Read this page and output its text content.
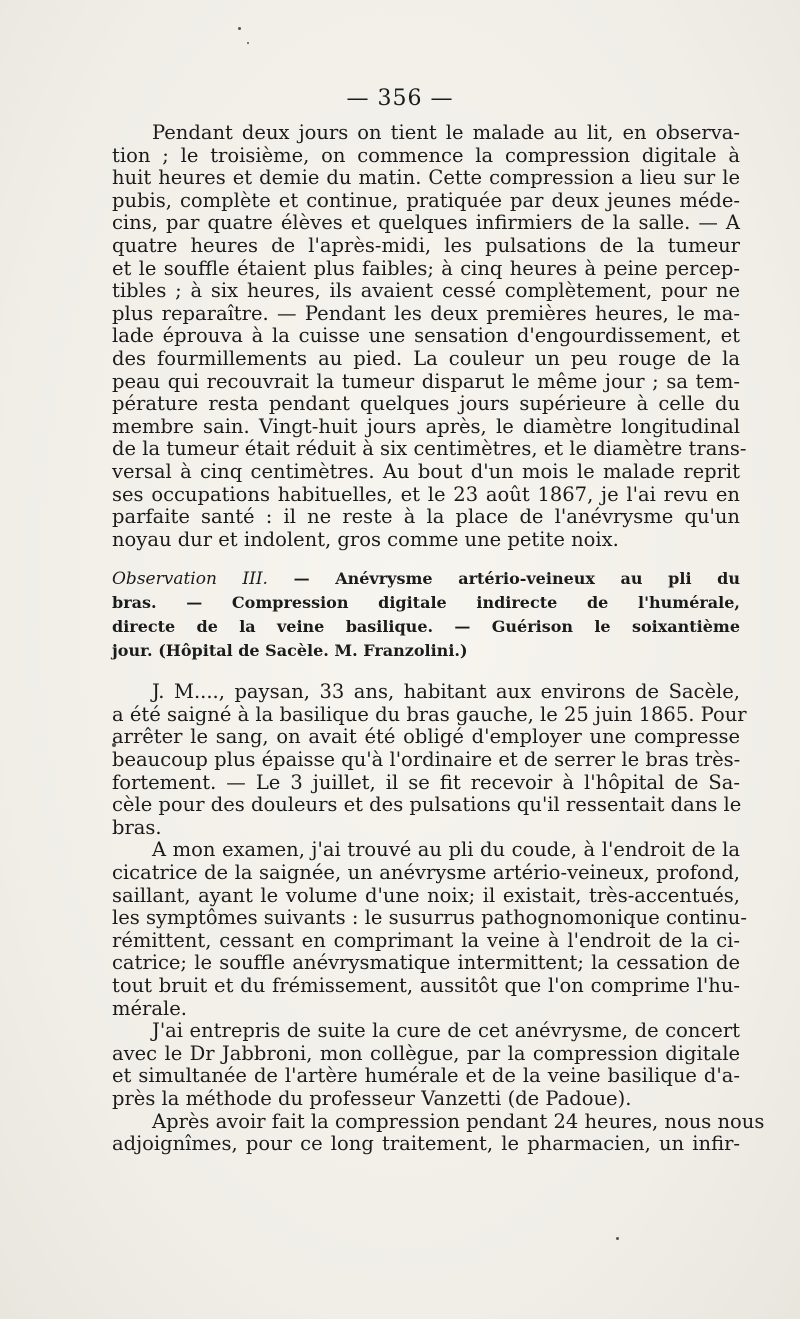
— 356 —
Pendant deux jours on tient le malade au lit, en observa-
tion ; le troisième, on commence la compression digitale à
huit heures et demie du matin. Cette compression a lieu sur le
pubis, complète et continue, pratiquée par deux jeunes méde-
cins, par quatre élèves et quelques infirmiers de la salle. — A
quatre heures de l'après-midi, les pulsations de la tumeur
et le souffle étaient plus faibles; à cinq heures à peine percep-
tibles ; à six heures, ils avaient cessé complètement, pour ne
plus reparaître. — Pendant les deux premières heures, le ma-
lade éprouva à la cuisse une sensation d'engourdissement, et
des fourmillements au pied. La couleur un peu rouge de la
peau qui recouvrait la tumeur disparut le même jour ; sa tem-
pérature resta pendant quelques jours supérieure à celle du
membre sain. Vingt-huit jours après, le diamètre longitudinal
de la tumeur était réduit à six centimètres, et le diamètre trans-
versal à cinq centimètres. Au bout d'un mois le malade reprit
ses occupations habituelles, et le 23 août 1867, je l'ai revu en
parfaite santé : il ne reste à la place de l'anévrysme qu'un
noyau dur et indolent, gros comme une petite noix.
Observation III. — Anévrysme artério-veineux au pli du
bras. — Compression digitale indirecte de l'humérale,
directe de la veine basilique. — Guérison le soixantième
jour. (Hôpital de Sacèle. M. Franzolini.)
J. M...., paysan, 33 ans, habitant aux environs de Sacèle,
a été saigné à la basilique du bras gauche, le 25 juin 1865. Pour
arrêter le sang, on avait été obligé d'employer une compresse
beaucoup plus épaisse qu'à l'ordinaire et de serrer le bras très-
fortement. — Le 3 juillet, il se fit recevoir à l'hôpital de Sa-
cèle pour des douleurs et des pulsations qu'il ressentait dans le
bras.
A mon examen, j'ai trouvé au pli du coude, à l'endroit de la
cicatrice de la saignée, un anévrysme artério-veineux, profond,
saillant, ayant le volume d'une noix; il existait, très-accentués,
les symptômes suivants : le susurrus pathognomonique continu-
rémittent, cessant en comprimant la veine à l'endroit de la ci-
catrice; le souffle anévrysmatique intermittent; la cessation de
tout bruit et du frémissement, aussitôt que l'on comprime l'hu-
mérale.
J'ai entrepris de suite la cure de cet anévrysme, de concert
avec le Dr Jabbroni, mon collègue, par la compression digitale
et simultanée de l'artère humérale et de la veine basilique d'a-
près la méthode du professeur Vanzetti (de Padoue).
Après avoir fait la compression pendant 24 heures, nous nous
adjoignîmes, pour ce long traitement, le pharmacien, un infir-
